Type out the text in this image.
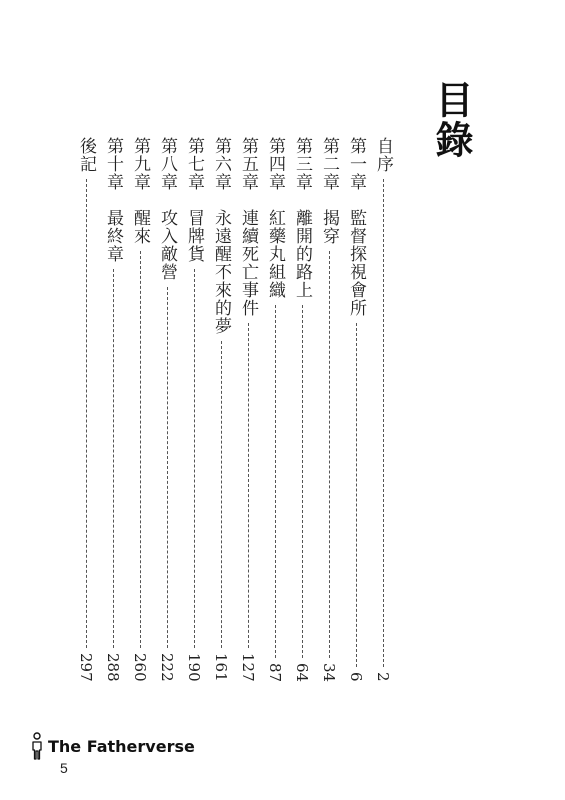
目錄
自序
2
第一章　監督探視會所
6
第二章　揭穿
34
第三章　離開的路上
64
第四章　紅藥丸組織
87
第五章　連續死亡事件
127
第六章　永遠醒不來的夢
161
第七章　冒牌貨
190
第八章　攻入敵營
222
第九章　醒來
260
第十章　最終章
288
後記
297
The Fatherverse
5
